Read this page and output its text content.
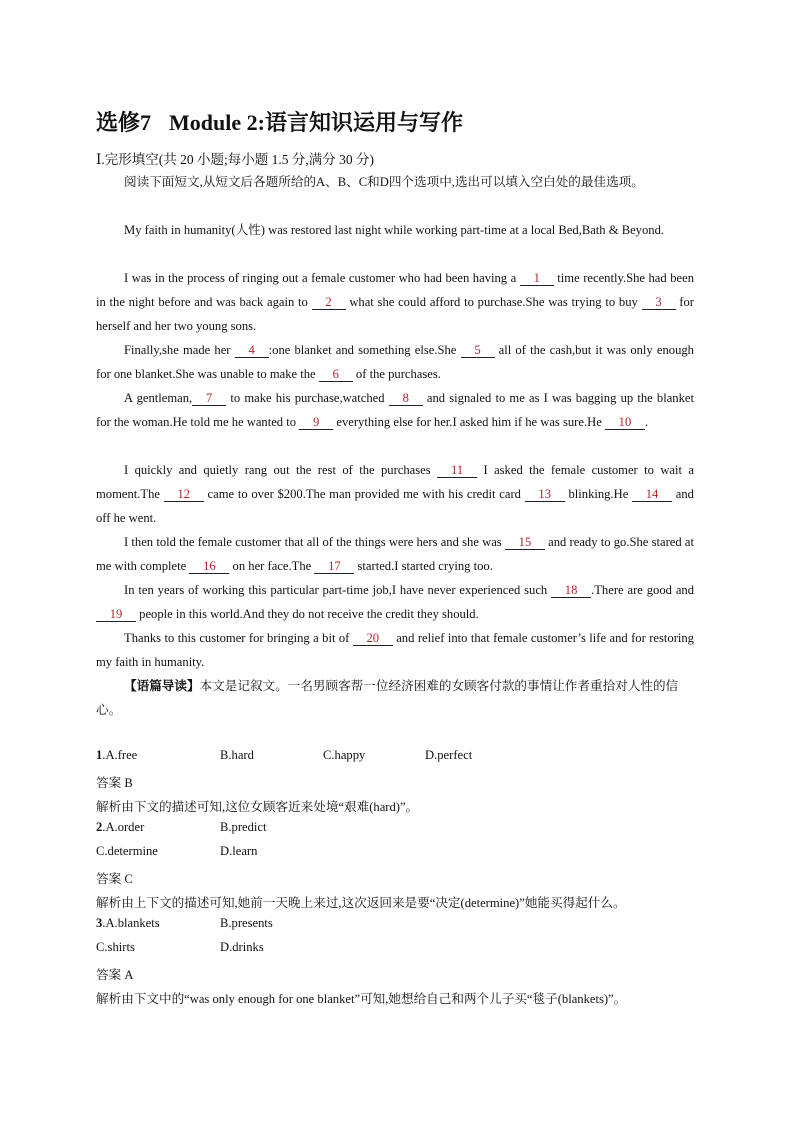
选修7 Module 2:语言知识运用与写作
Ⅰ.完形填空(共 20 小题;每小题 1.5 分,满分 30 分)
阅读下面短文,从短文后各题所给的A、B、C和D四个选项中,选出可以填入空白处的最佳选项。
My faith in humanity(人性) was restored last night while working part-time at a local Bed,Bath & Beyond.
I was in the process of ringing out a female customer who had been having a 1 time recently.She had been in the night before and was back again to 2 what she could afford to purchase.She was trying to buy 3 for herself and her two young sons.
Finally,she made her 4 :one blanket and something else.She 5 all of the cash,but it was only enough for one blanket.She was unable to make the 6 of the purchases.
A gentleman, 7 to make his purchase,watched 8 and signaled to me as I was bagging up the blanket for the woman.He told me he wanted to 9 everything else for her.I asked him if he was sure.He 10 .
I quickly and quietly rang out the rest of the purchases 11 I asked the female customer to wait a moment.The 12 came to over $200.The man provided me with his credit card 13 blinking.He 14 and off he went.
I then told the female customer that all of the things were hers and she was 15 and ready to go.She stared at me with complete 16 on her face.The 17 started.I started crying too.
In ten years of working this particular part-time job,I have never experienced such 18 .There are good and 19 people in this world.And they do not receive the credit they should.
Thanks to this customer for bringing a bit of 20 and relief into that female customer’s life and for restoring my faith in humanity.
【语篇导读】本文是记叙文。一名男顾客帮一位经济困难的女顾客付款的事情让作者重拾对人性的信心。
1.A.free	B.hard	C.happy	D.perfect
答案 B
解析由下文的描述可知,这位女顾客近来处境“艰难(hard)”。
2.A.order	B.predict
C.determine	D.learn
答案 C
解析由上下文的描述可知,她前一天晚上来过,这次返回来是要“决定(determine)”她能买得起什么。
3.A.blankets	B.presents
C.shirts	D.drinks
答案 A
解析由下文中的“was only enough for one blanket”可知,她想给自己和两个儿子买“毯子(blankets)”。
